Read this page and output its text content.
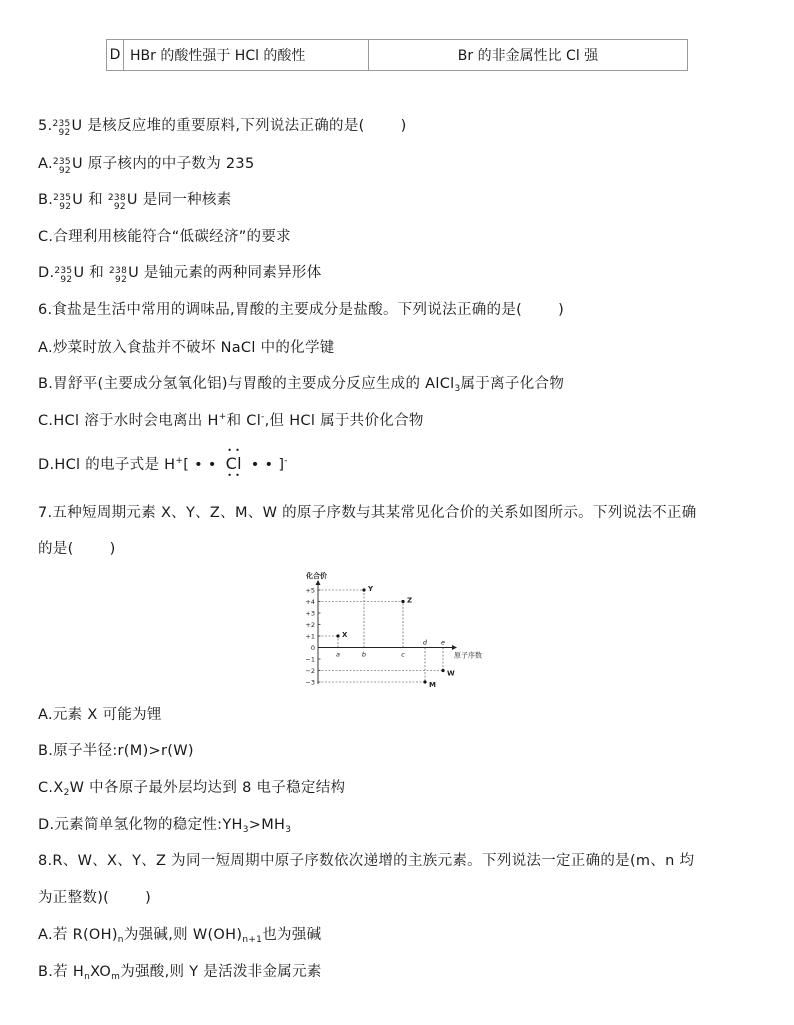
D	HBr 的酸性强于 HCl 的酸性	Br 的非金属性比 Cl 强
5. 235
92 U 是核反应堆的重要原料,下列说法正确的是( )
A. 235
92 U 原子核内的中子数为 235
B. 235
92 U 和 238
92 U 是同一种核素
C.合理利用核能符合“低碳经济”的要求
D. 235
92 U 和 238
92 U 是铀元素的两种同素异形体
6.食盐是生活中常用的调味品,胃酸的主要成分是盐酸。下列说法正确的是( )
A.炒菜时放入食盐并不破坏 NaCl 中的化学键
B.胃舒平(主要成分氢氧化铝)与胃酸的主要成分反应生成的 AlCl$_3$属于离子化合物
C.HCl 溶于水时会电离出 H+和 Cl-,但 HCl 属于共价化合物
D.HCl 的电子式是 H+[ • •
• •
Cl
• •
• • ]-
7.五种短周期元素 X、Y、Z、M、W 的原子序数与其某常见化合价的关系如图所示。下列说法不正确
的是( )
化合价
原子序数
+5
+4
+3
+2
+1
0
−1
−2
−3
a	b	c
d e
X
Y
Z
M
W
A.元素 X 可能为锂
B.原子半径:r(M)>r(W)
$C.X_2W$ 中各原子最外层均达到 8 电子稳定结构
D.元素简单氢化物的稳定性$:YH_3>MH_3$
8.R、W、X、Y、Z 为同一短周期中原子序数依次递增的主族元素。下列说法一定正确的是(m、n 均
为正整数)( )
A.若 $R(OH)_n$为强碱,则 $W(OH)_{n+1}$也为强碱
B.若 $H_nXO_m$为强酸,则 Y 是活泼非金属元素
